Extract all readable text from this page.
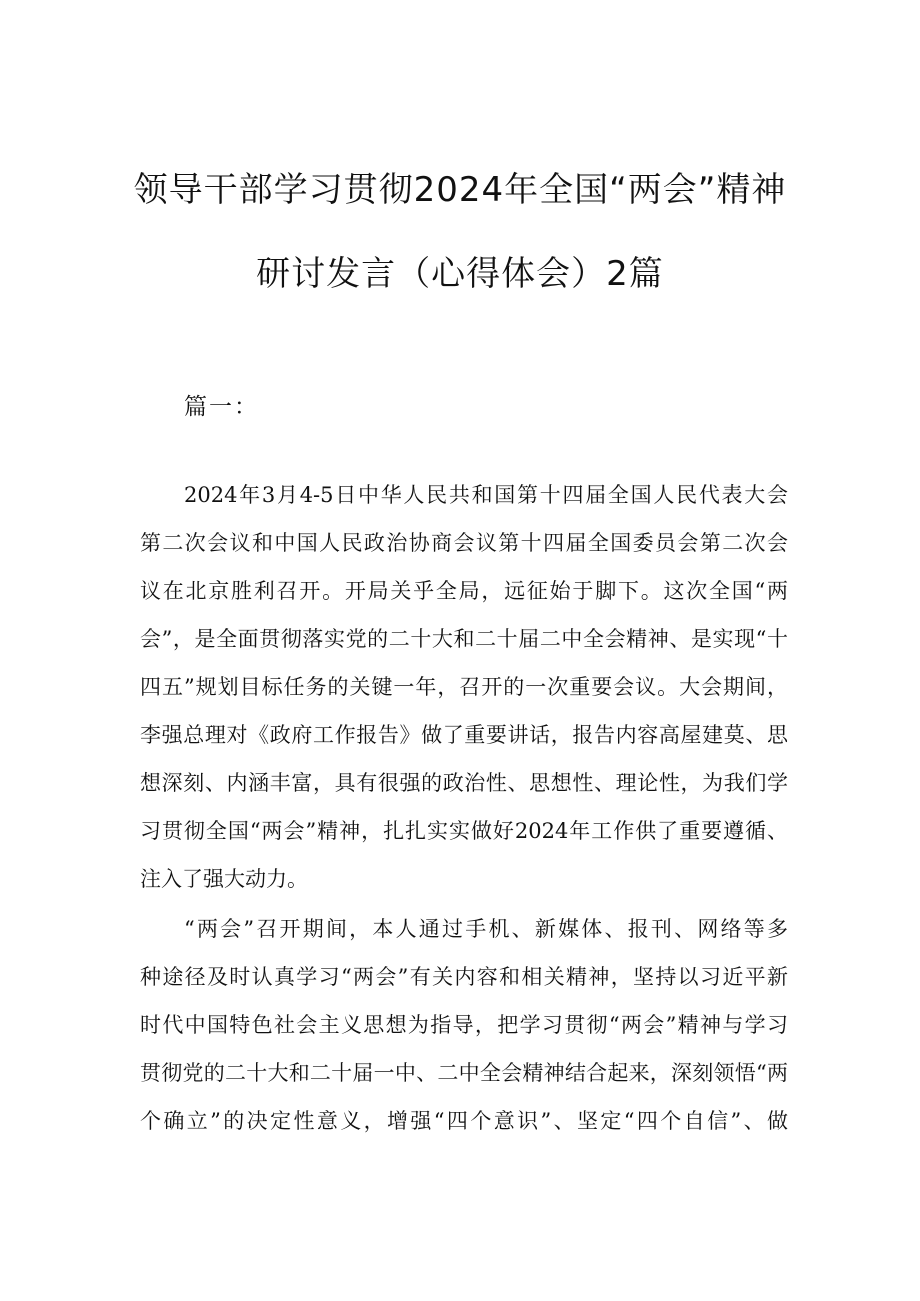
领导干部学习贯彻2024年全国“两会”精神
研讨发言（心得体会）2篇
篇一：
2024年3月4-5日中华人民共和国第十四届全国人民代表大会
第二次会议和中国人民政治协商会议第十四届全国委员会第二次会
议在北京胜利召开。开局关乎全局，远征始于脚下。这次全国“两
会”，是全面贯彻落实党的二十大和二十届二中全会精神、是实现“十
四五”规划目标任务的关键一年，召开的一次重要会议。大会期间，
李强总理对《政府工作报告》做了重要讲话，报告内容高屋建莫、思
想深刻、内涵丰富，具有很强的政治性、思想性、理论性，为我们学
习贯彻全国“两会”精神，扎扎实实做好2024年工作供了重要遵循、
注入了强大动力。
“两会”召开期间，本人通过手机、新媒体、报刊、网络等多
种途径及时认真学习“两会”有关内容和相关精神，坚持以习近平新
时代中国特色社会主义思想为指导，把学习贯彻“两会”精神与学习
贯彻党的二十大和二十届一中、二中全会精神结合起来，深刻领悟“两
个确立”的决定性意义，增强“四个意识”、坚定“四个自信”、做
